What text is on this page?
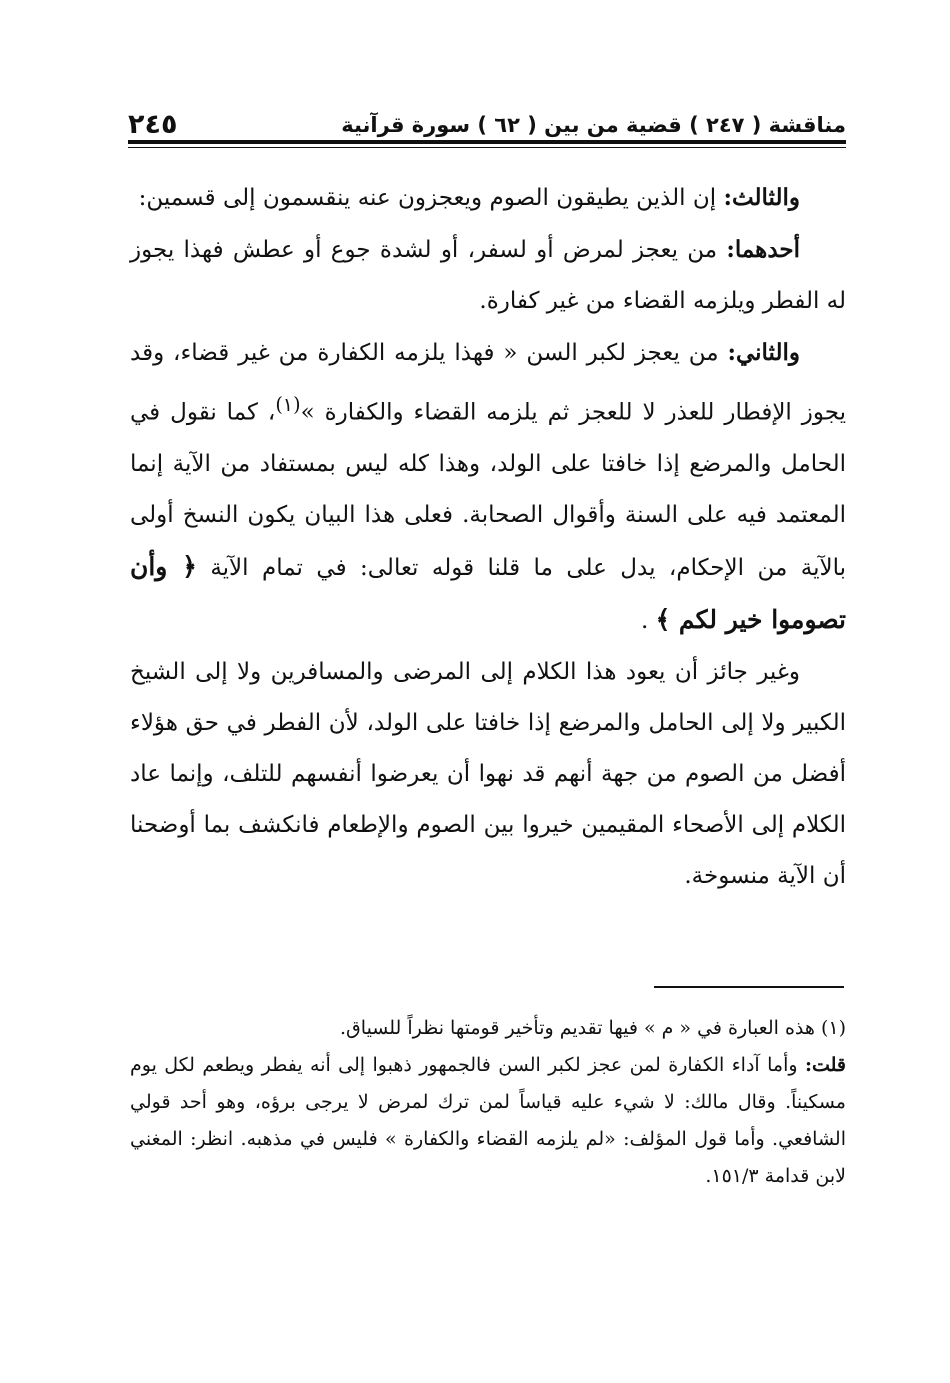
مناقشة ( ٢٤٧ ) قضية من بين ( ٦٢ ) سورة قرآنية
٢٤٥

والثالث: إن الذين يطيقون الصوم ويعجزون عنه ينقسمون إلى قسمين:

أحدهما: من يعجز لمرض أو لسفر، أو لشدة جوع أو عطش فهذا يجوز له الفطر ويلزمه القضاء من غير كفارة.

والثاني: من يعجز لكبر السن « فهذا يلزمه الكفارة من غير قضاء، وقد يجوز الإفطار للعذر لا للعجز ثم يلزمه القضاء والكفارة »$^{(١)}$، كما نقول في الحامل والمرضع إذا خافتا على الولد، وهذا كله ليس بمستفاد من الآية إنما المعتمد فيه على السنة وأقوال الصحابة. فعلى هذا البيان يكون النسخ أولى بالآية من الإحكام، يدل على ما قلنا قوله تعالى: في تمام الآية ﴿ وأن تصوموا خير لكم ﴾ .

وغير جائز أن يعود هذا الكلام إلى المرضى والمسافرين ولا إلى الشيخ الكبير ولا إلى الحامل والمرضع إذا خافتا على الولد، لأن الفطر في حق هؤلاء أفضل من الصوم من جهة أنهم قد نهوا أن يعرضوا أنفسهم للتلف، وإنما عاد الكلام إلى الأصحاء المقيمين خيروا بين الصوم والإطعام فانكشف بما أوضحنا أن الآية منسوخة.

(١) هذه العبارة في « م » فيها تقديم وتأخير قومتها نظراً للسياق.

قلت: وأما آداء الكفارة لمن عجز لكبر السن فالجمهور ذهبوا إلى أنه يفطر ويطعم لكل يوم مسكيناً. وقال مالك: لا شيء عليه قياساً لمن ترك لمرض لا يرجى برؤه، وهو أحد قولي الشافعي. وأما قول المؤلف: «لم يلزمه القضاء والكفارة » فليس في مذهبه. انظر: المغني لابن قدامة ١٥١/٣.
